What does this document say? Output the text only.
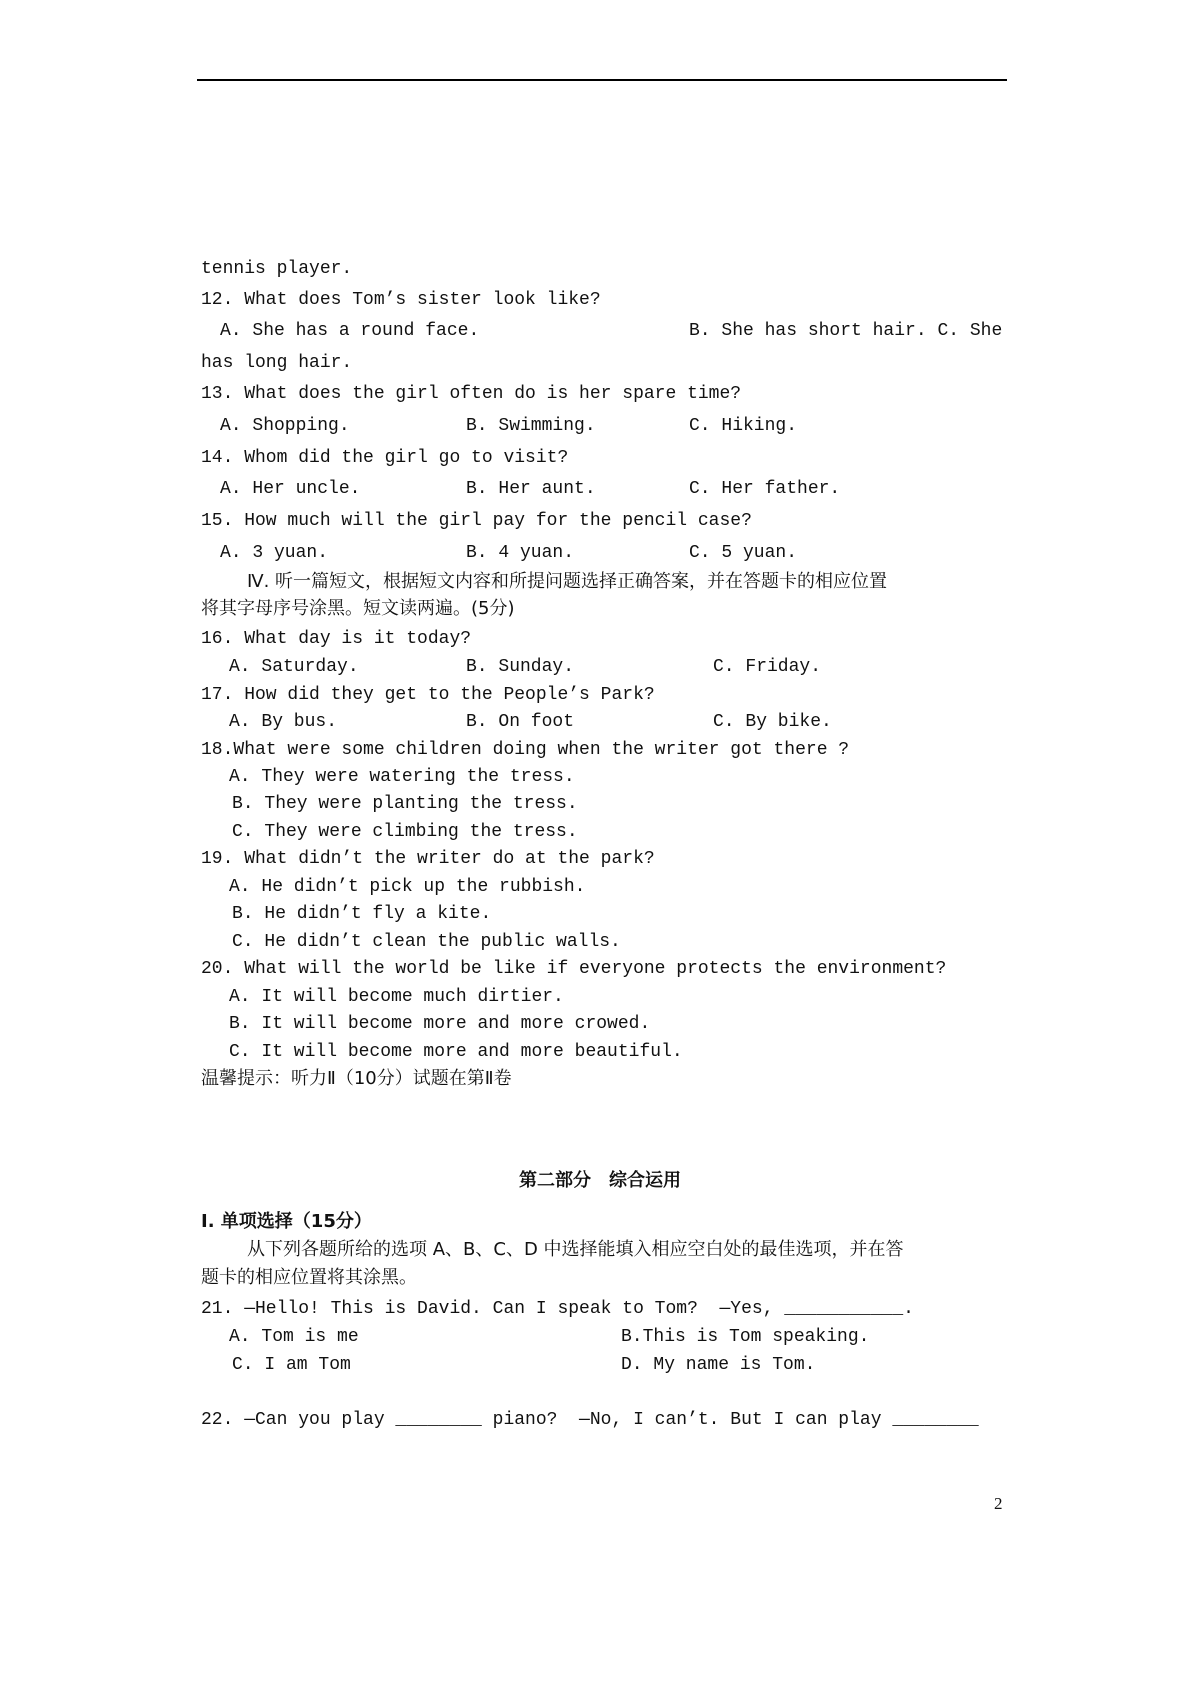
tennis player.
12. What does Tom’s sister look like?
A. She has a round face.	B. She has short hair. C. She
has long hair.
13. What does the girl often do is her spare time?
A. Shopping.	B. Swimming.	C. Hiking.
14. Whom did the girl go to visit?
A. Her uncle.	B. Her aunt.	C. Her father.
15. How much will the girl pay for the pencil case?
A. 3 yuan.	B. 4 yuan.	C. 5 yuan.
Ⅳ. 听一篇短文，根据短文内容和所提问题选择正确答案，并在答题卡的相应位置
将其字母序号涂黑。短文读两遍。(5分)
16. What day is it today?
A. Saturday.	B. Sunday.	C. Friday.
17. How did they get to the People’s Park?
A. By bus.	B. On foot	C. By bike.
18.What were some children doing when the writer got there ?
A. They were watering the tress.
B. They were planting the tress.
C. They were climbing the tress.
19. What didn’t the writer do at the park?
A. He didn’t pick up the rubbish.
B. He didn’t fly a kite.
C. He didn’t clean the public walls.
20. What will the world be like if everyone protects the environment?
A. It will become much dirtier.
B. It will become more and more crowed.
C. It will become more and more beautiful.
温馨提示：听力Ⅱ（10分）试题在第Ⅱ卷
I. 单项选择（15分）
从下列各题所给的选项 A、B、C、D 中选择能填入相应空白处的最佳选项，并在答
题卡的相应位置将其涂黑。
21. —Hello! This is David. Can I speak to Tom?  —Yes, ___________.
A. Tom is me	B.This is Tom speaking.
C. I am Tom	D. My name is Tom.
22. —Can you play ________ piano?  —No, I can’t. But I can play ________
第二部分　综合运用
2
